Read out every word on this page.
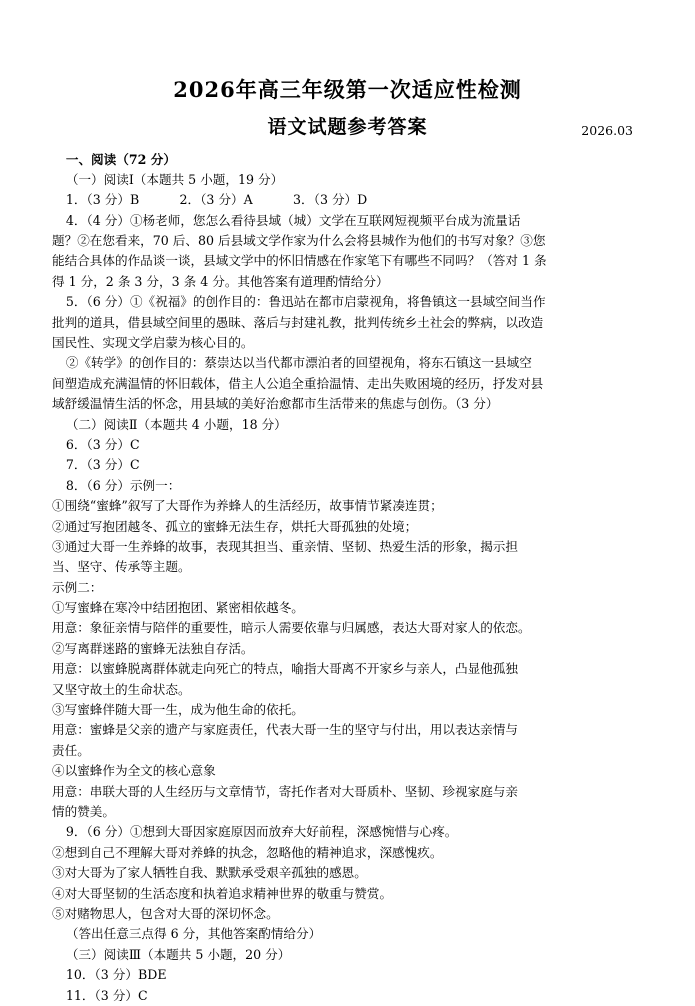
2026年高三年级第一次适应性检测
语文试题参考答案	2026.03
一、阅读（72 分）
（一）阅读Ⅰ（本题共 5 小题，19 分）
1．（3 分）B	2．（3 分）A	3．（3 分）D
4．（4 分）①杨老师，您怎么看待县域（城）文学在互联网短视频平台成为流量话
题？②在您看来，70 后、80 后县域文学作家为什么会将县城作为他们的书写对象？③您
能结合具体的作品谈一谈，县域文学中的怀旧情感在作家笔下有哪些不同吗？（答对 1 条
得 1 分，2 条 3 分，3 条 4 分。其他答案有道理酌情给分）
5．（6 分）①《祝福》的创作目的：鲁迅站在都市启蒙视角，将鲁镇这一县域空间当作
批判的道具，借县域空间里的愚昧、落后与封建礼教，批判传统乡土社会的弊病，以改造
国民性、实现文学启蒙为核心目的。
②《转学》的创作目的：蔡崇达以当代都市漂泊者的回望视角，将东石镇这一县域空
间塑造成充满温情的怀旧载体，借主人公追全重拾温情、走出失败困境的经历，抒发对县
域舒缓温情生活的怀念，用县域的美好治愈都市生活带来的焦虑与创伤。（3 分）
（二）阅读Ⅱ（本题共 4 小题，18 分）
6．（3 分）C
7．（3 分）C
8．（6 分）示例一：
①围绕“蜜蜂”叙写了大哥作为养蜂人的生活经历，故事情节紧凑连贯；
②通过写抱团越冬、孤立的蜜蜂无法生存，烘托大哥孤独的处境；
③通过大哥一生养蜂的故事，表现其担当、重亲情、坚韧、热爱生活的形象，揭示担
当、坚守、传承等主题。
示例二：
①写蜜蜂在寒冷中结团抱团、紧密相依越冬。
用意：象征亲情与陪伴的重要性，暗示人需要依靠与归属感，表达大哥对家人的依恋。
②写离群迷路的蜜蜂无法独自存活。
用意：以蜜蜂脱离群体就走向死亡的特点，喻指大哥离不开家乡与亲人，凸显他孤独
又坚守故土的生命状态。
③写蜜蜂伴随大哥一生，成为他生命的依托。
用意：蜜蜂是父亲的遗产与家庭责任，代表大哥一生的坚守与付出，用以表达亲情与
责任。
④以蜜蜂作为全文的核心意象
用意：串联大哥的人生经历与文章情节，寄托作者对大哥质朴、坚韧、珍视家庭与亲
情的赞美。
9．（6 分）①想到大哥因家庭原因而放弃大好前程，深感惋惜与心疼。
②想到自己不理解大哥对养蜂的执念，忽略他的精神追求，深感愧疚。
③对大哥为了家人牺牲自我、默默承受艰辛孤独的感恩。
④对大哥坚韧的生活态度和执着追求精神世界的敬重与赞赏。
⑤对赌物思人，包含对大哥的深切怀念。
（答出任意三点得 6 分，其他答案酌情给分）
（三）阅读Ⅲ（本题共 5 小题，20 分）
10．（3 分）BDE
11．（3 分）C
